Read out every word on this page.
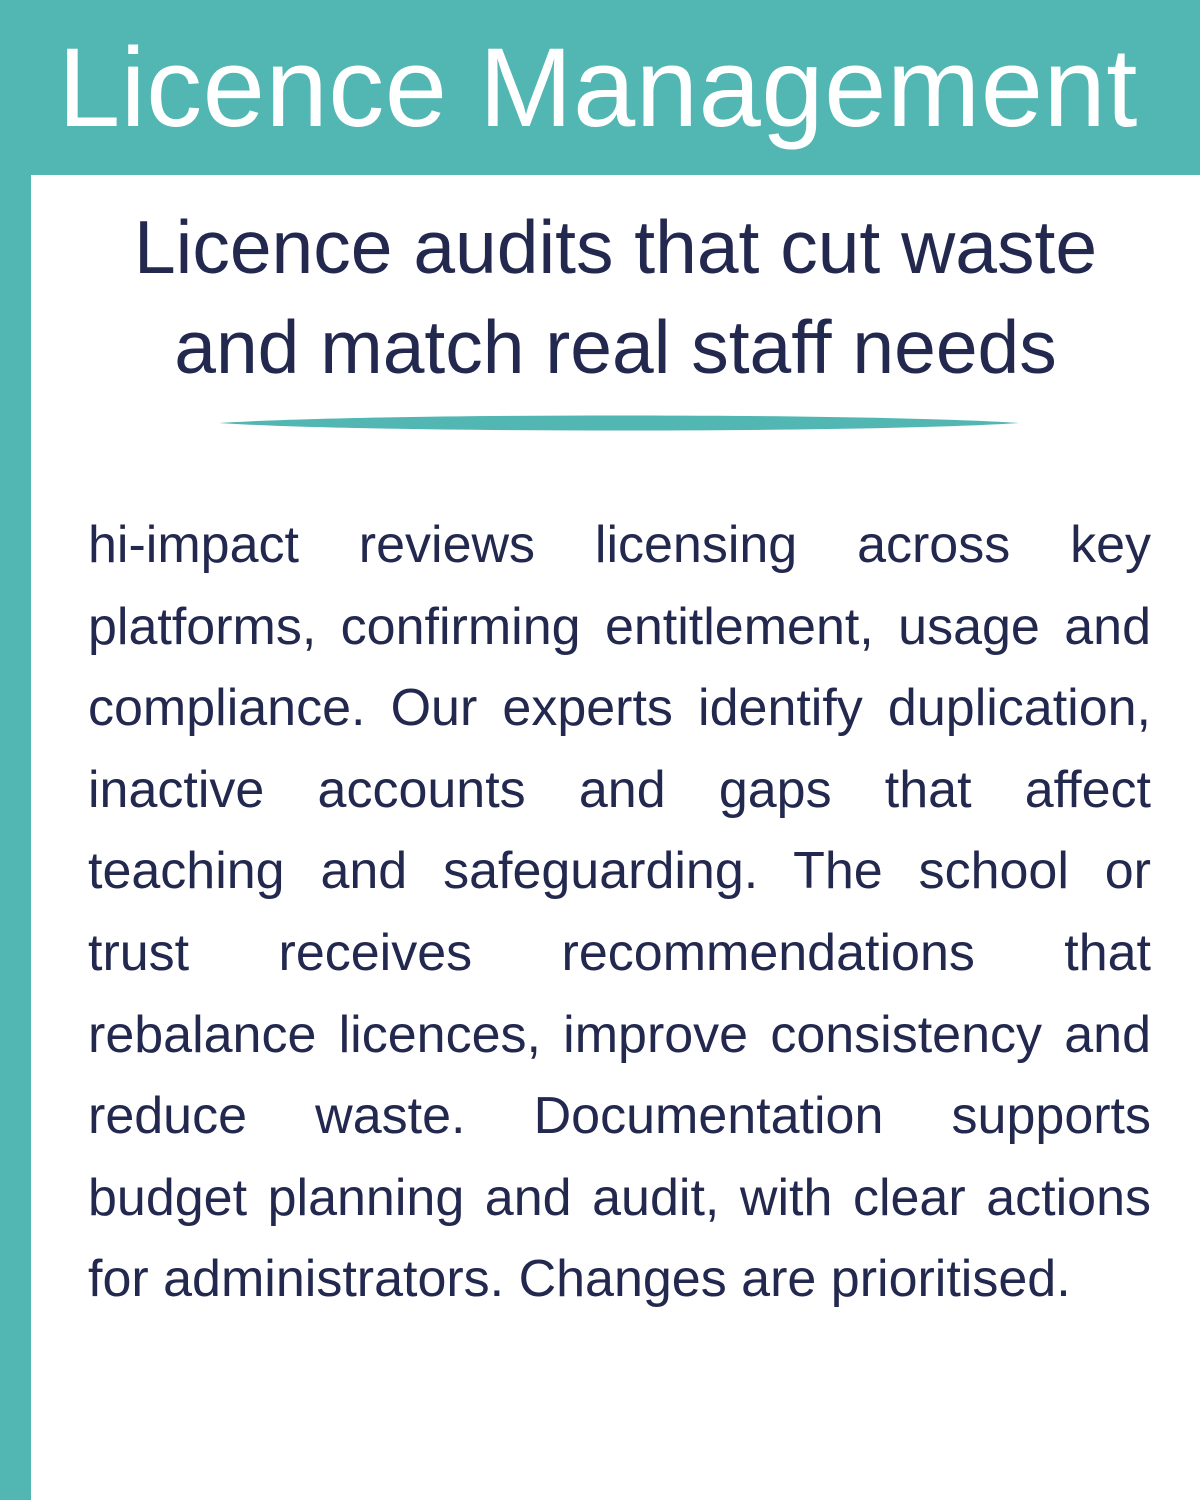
Licence Management
Licence audits that cut waste
and match real staff needs

hi-impact reviews licensing across key platforms, confirming entitlement, usage and compliance. Our experts identify duplication, inactive accounts and gaps that affect teaching and safeguarding. The school or trust receives recommendations that rebalance licences, improve consistency and reduce waste. Documentation supports budget planning and audit, with clear actions for administrators. Changes are prioritised.
